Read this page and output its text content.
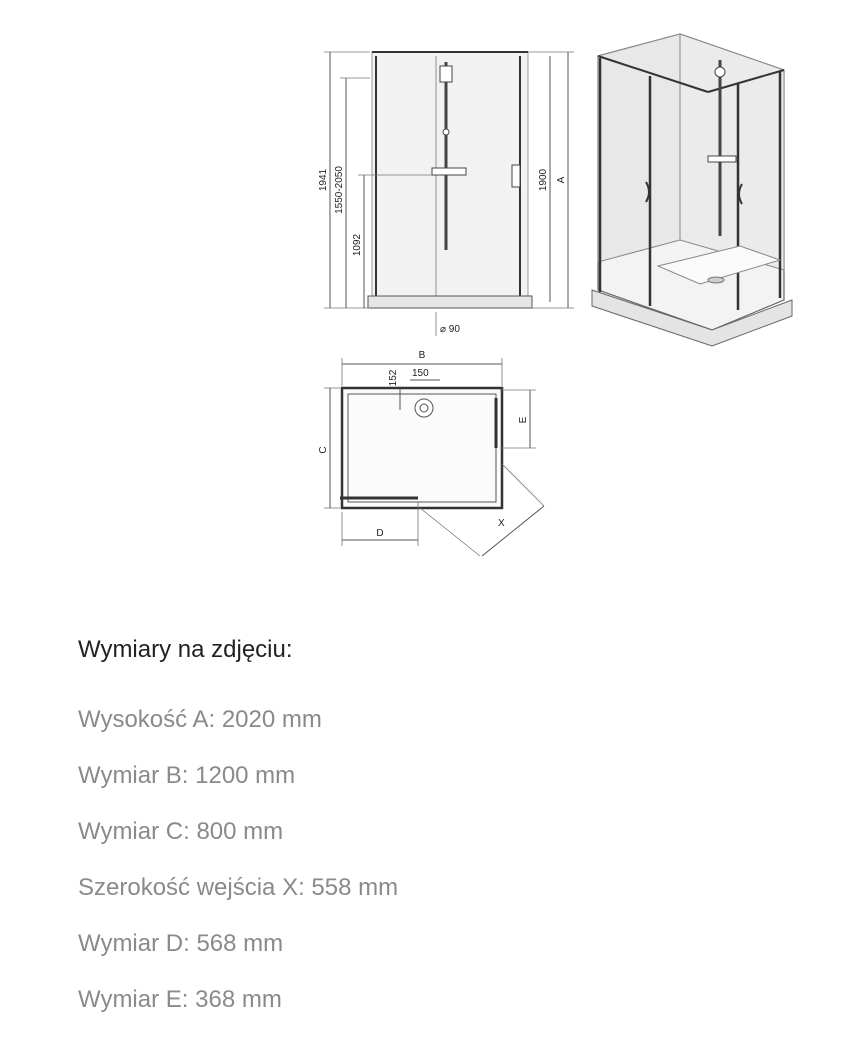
1941 1550-2050
1092
1900 A
⌀ 90
B
150
152
C
D
E
X
Wymiary na zdjęciu:
Wysokość A: 2020 mm
Wymiar B: 1200 mm
Wymiar C: 800 mm
Szerokość wejścia X: 558 mm
Wymiar D: 568 mm
Wymiar E: 368 mm
